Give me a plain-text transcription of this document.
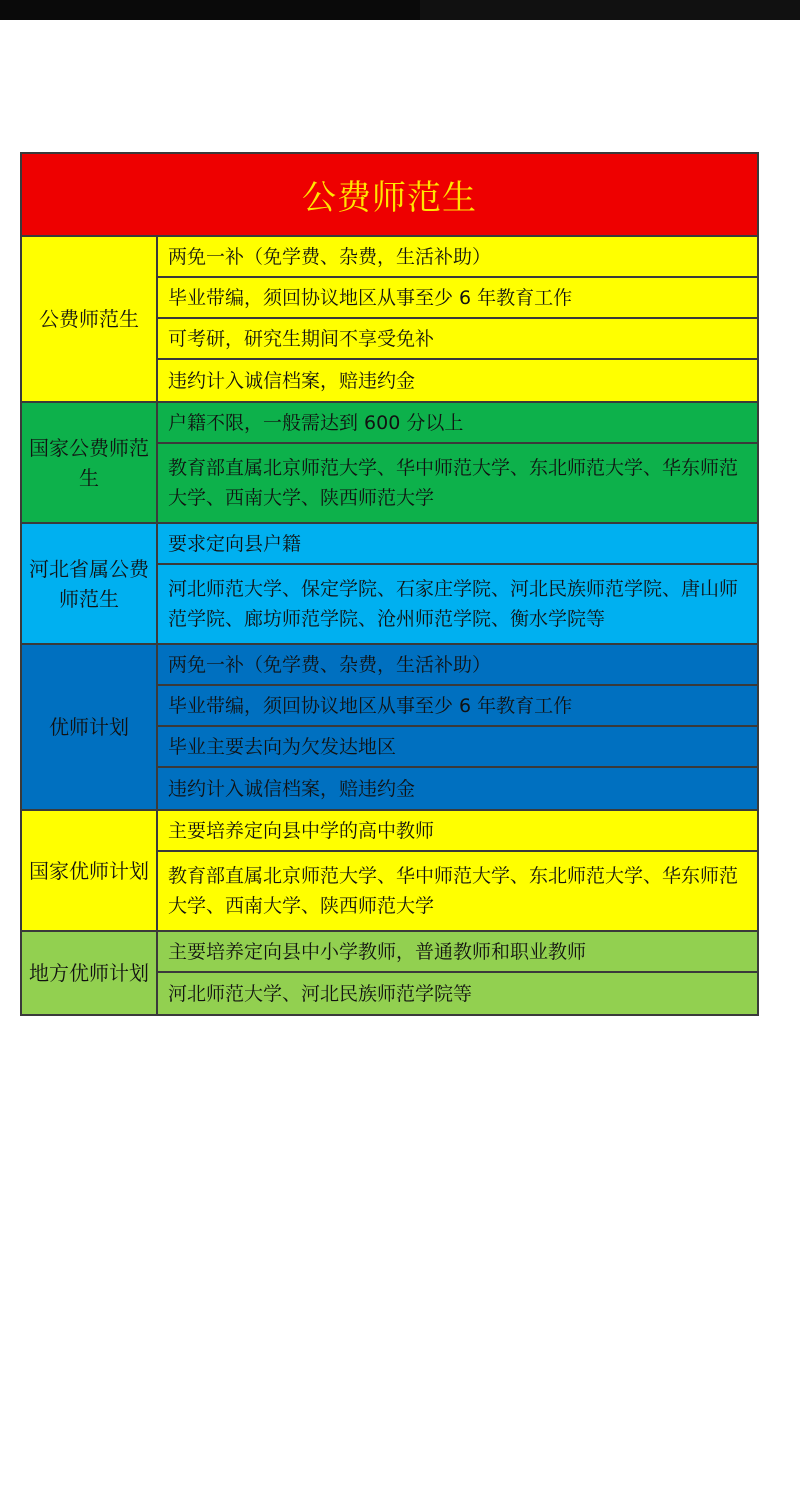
公费师范生
公费师范生
两免一补（免学费、杂费，生活补助）
毕业带编，须回协议地区从事至少 6 年教育工作
可考研，研究生期间不享受免补
违约计入诚信档案，赔违约金
国家公费师范生
户籍不限，一般需达到 600 分以上
教育部直属北京师范大学、华中师范大学、东北师范大学、华东师范大学、西南大学、陕西师范大学
河北省属公费师范生
要求定向县户籍
河北师范大学、保定学院、石家庄学院、河北民族师范学院、唐山师范学院、廊坊师范学院、沧州师范学院、衡水学院等
优师计划
两免一补（免学费、杂费，生活补助）
毕业带编，须回协议地区从事至少 6 年教育工作
毕业主要去向为欠发达地区
违约计入诚信档案，赔违约金
国家优师计划
主要培养定向县中学的高中教师
教育部直属北京师范大学、华中师范大学、东北师范大学、华东师范大学、西南大学、陕西师范大学
地方优师计划
主要培养定向县中小学教师，普通教师和职业教师
河北师范大学、河北民族师范学院等
